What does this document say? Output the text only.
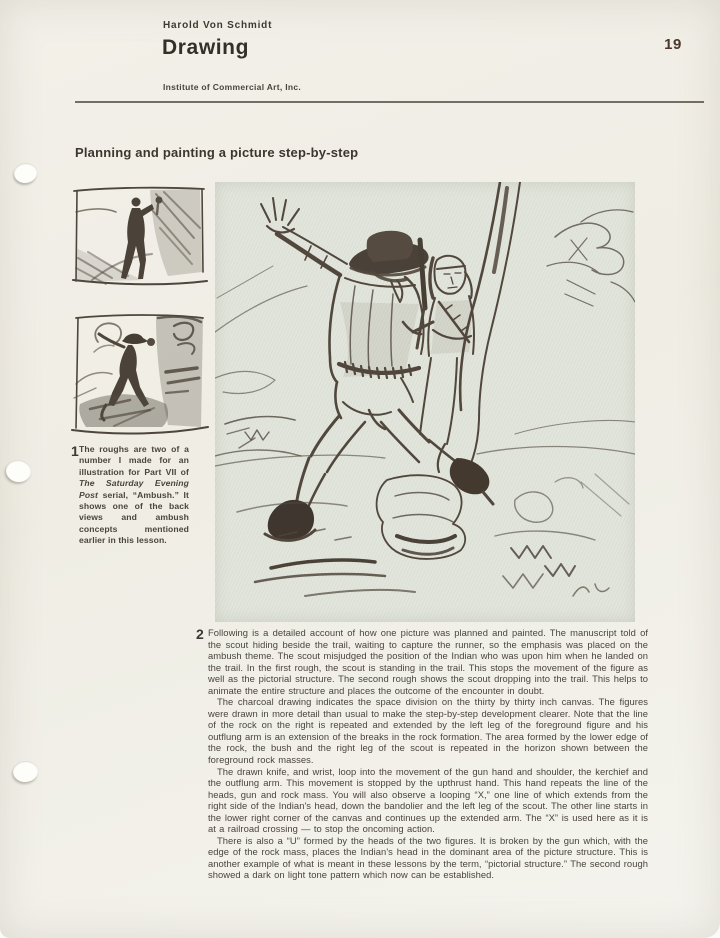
Harold Von Schmidt
Drawing
Institute of Commercial Art, Inc.
19
Planning and painting a picture step-by-step
1 The roughs are two of a number I made for an illustration for Part VII of The Saturday Evening Post serial, “Ambush.” It shows one of the back views and ambush concepts mentioned earlier in this lesson.

2 Following is a detailed account of how one picture was planned and painted. The manuscript told of the scout hiding beside the trail, waiting to capture the runner, so the emphasis was placed on the ambush theme. The scout misjudged the position of the Indian who was upon him when he landed on the trail. In the first rough, the scout is standing in the trail. This stops the movement of the figure as well as the pictorial structure. The second rough shows the scout dropping into the trail. This helps to animate the entire structure and places the outcome of the encounter in doubt.

The charcoal drawing indicates the space division on the thirty by thirty inch canvas. The figures were drawn in more detail than usual to make the step-by-step development clearer. Note that the line of the rock on the right is repeated and extended by the left leg of the foreground figure and his outflung arm is an extension of the breaks in the rock formation. The area formed by the lower edge of the rock, the bush and the right leg of the scout is repeated in the horizon shown between the foreground rock masses.

The drawn knife, and wrist, loop into the movement of the gun hand and shoulder, the kerchief and the outflung arm. This movement is stopped by the upthrust hand. This hand repeats the line of the heads, gun and rock mass. You will also observe a looping “X,” one line of which extends from the right side of the Indian's head, down the bandolier and the left leg of the scout. The other line starts in the lower right corner of the canvas and continues up the extended arm. The “X” is used here as it is at a railroad crossing — to stop the oncoming action.

There is also a “U” formed by the heads of the two figures. It is broken by the gun which, with the edge of the rock mass, places the Indian's head in the dominant area of the picture structure. This is another example of what is meant in these lessons by the term, “pictorial structure.” The second rough showed a dark on light tone pattern which now can be established.
